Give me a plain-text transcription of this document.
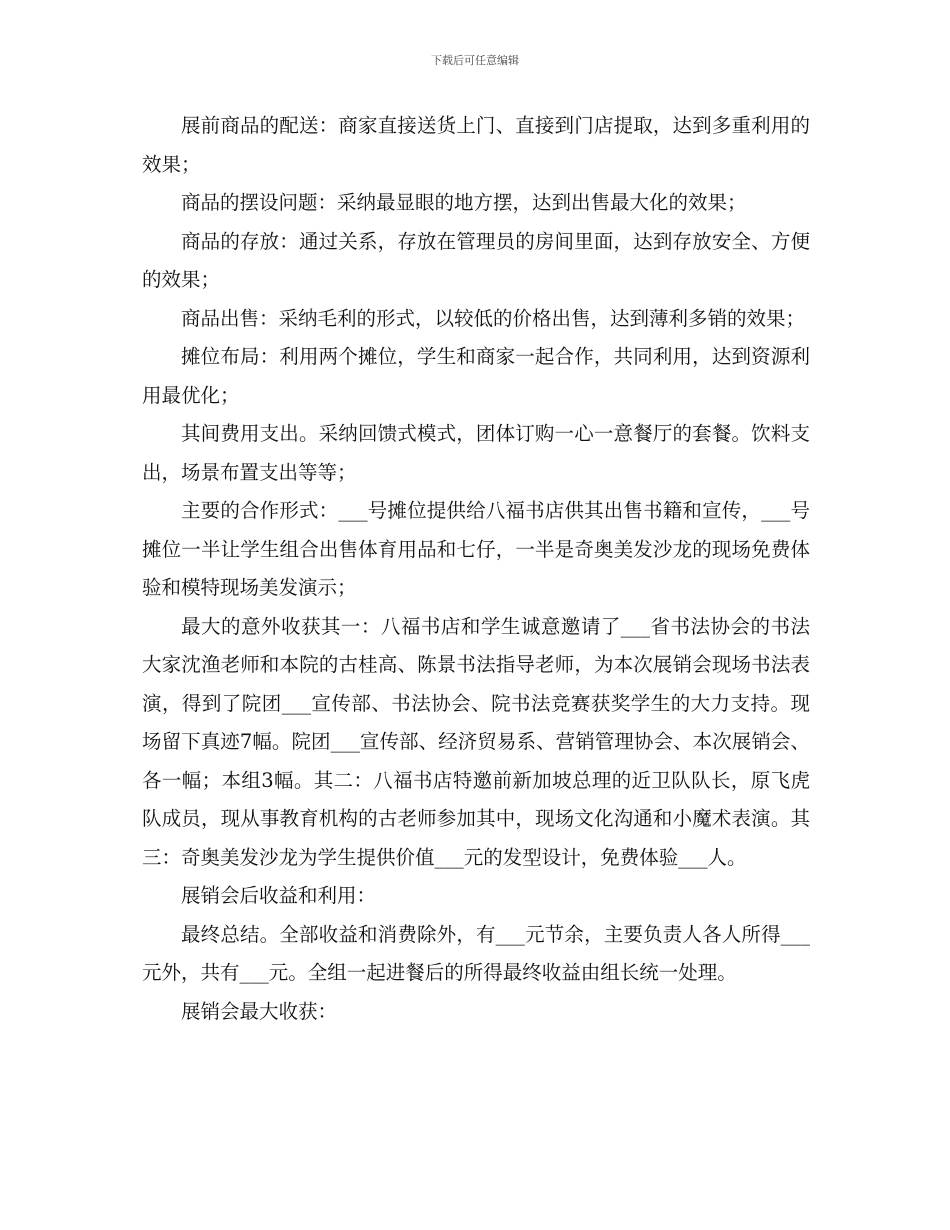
下载后可任意编辑

展前商品的配送：商家直接送货上门、直接到门店提取，达到多重利用的效果；

商品的摆设问题：采纳最显眼的地方摆，达到出售最大化的效果；

商品的存放：通过关系，存放在管理员的房间里面，达到存放安全、方便的效果；

商品出售：采纳毛利的形式，以较低的价格出售，达到薄利多销的效果；

摊位布局：利用两个摊位，学生和商家一起合作，共同利用，达到资源利用最优化；

其间费用支出。采纳回馈式模式，团体订购一心一意餐厅的套餐。饮料支出，场景布置支出等等；

主要的合作形式：___号摊位提供给八福书店供其出售书籍和宣传，___号摊位一半让学生组合出售体育用品和七仔，一半是奇奥美发沙龙的现场免费体验和模特现场美发演示；

最大的意外收获其一：八福书店和学生诚意邀请了___省书法协会的书法大家沈渔老师和本院的古桂高、陈景书法指导老师，为本次展销会现场书法表演，得到了院团___宣传部、书法协会、院书法竞赛获奖学生的大力支持。现场留下真迹7幅。院团___宣传部、经济贸易系、营销管理协会、本次展销会、各一幅；本组3幅。其二：八福书店特邀前新加坡总理的近卫队队长，原飞虎队成员，现从事教育机构的古老师参加其中，现场文化沟通和小魔术表演。其三：奇奥美发沙龙为学生提供价值___元的发型设计，免费体验___人。

展销会后收益和利用：

最终总结。全部收益和消费除外，有___元节余，主要负责人各人所得___元外，共有___元。全组一起进餐后的所得最终收益由组长统一处理。

展销会最大收获：
